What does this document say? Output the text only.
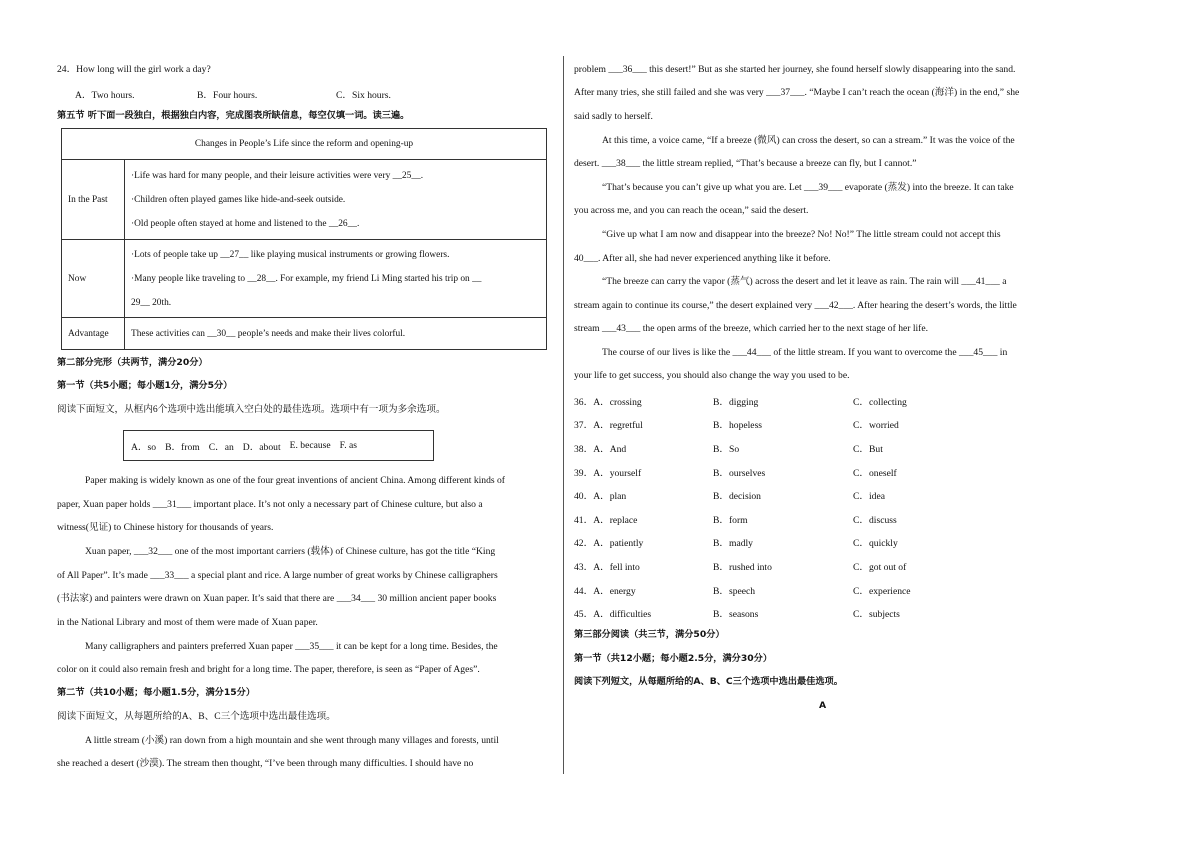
24．How long will the girl work a day?
A．Two hours.	B．Four hours.	C．Six hours.
第五节 听下面一段独白，根据独白内容，完成图表所缺信息，每空仅填一词。读三遍。
Changes in People’s Life since the reform and opening-up	
In the Past	·Life was hard for many people, and their leisure activities were very __25__.
·Children often played games like hide-and-seek outside.
·Old people often stayed at home and listened to the __26__.

Now	·Lots of people take up __27__ like playing musical instruments or growing flowers.
·Many people like traveling to __28__. For example, my friend Li Ming started his trip on __
29__ 20th.

Advantage	These activities can __30__ people’s needs and make their lives colorful.
第二部分完形（共两节，满分20分）
第一节（共5小题；每小题1分，满分5分）
阅读下面短文，从框内6个选项中选出能填入空白处的最佳选项。选项中有一项为多余选项。
A．so B．from C．an D．about E. because F. as
Paper making is widely known as one of the four great inventions of ancient China. Among different kinds of
paper, Xuan paper holds ___31___ important place. It’s not only a necessary part of Chinese culture, but also a
witness(见证) to Chinese history for thousands of years.
Xuan paper, ___32___ one of the most important carriers (载体) of Chinese culture, has got the title “King
of All Paper”. It’s made ___33___ a special plant and rice. A large number of great works by Chinese calligraphers
(书法家) and painters were drawn on Xuan paper. It’s said that there are ___34___ 30 million ancient paper books
in the National Library and most of them were made of Xuan paper.
Many calligraphers and painters preferred Xuan paper ___35___ it can be kept for a long time. Besides, the
color on it could also remain fresh and bright for a long time. The paper, therefore, is seen as “Paper of Ages”.
第二节（共10小题；每小题1.5分，满分15分）
阅读下面短文，从每题所给的A、B、C三个选项中选出最佳选项。
A little stream (小溪) ran down from a high mountain and she went through many villages and forests, until
she reached a desert (沙漠). The stream then thought, “I’ve been through many difficulties. I should have no
problem ___36___ this desert!” But as she started her journey, she found herself slowly disappearing into the sand.
After many tries, she still failed and she was very ___37___. “Maybe I can’t reach the ocean (海洋) in the end,” she
said sadly to herself.
At this time, a voice came, “If a breeze (微风) can cross the desert, so can a stream.” It was the voice of the
desert. ___38___ the little stream replied, “That’s because a breeze can fly, but I cannot.”
“That’s because you can’t give up what you are. Let ___39___ evaporate (蒸发) into the breeze. It can take
you across me, and you can reach the ocean,” said the desert.
“Give up what I am now and disappear into the breeze? No! No!” The little stream could not accept this
40___. After all, she had never experienced anything like it before.
“The breeze can carry the vapor (蒸气) across the desert and let it leave as rain. The rain will ___41___ a
stream again to continue its course,” the desert explained very ___42___. After hearing the desert’s words, the little
stream ___43___ the open arms of the breeze, which carried her to the next stage of her life.
The course of our lives is like the ___44___ of the little stream. If you want to overcome the ___45___ in
your life to get success, you should also change the way you used to be.
36．A．crossing	B．digging	C．collecting
37．A．regretful	B．hopeless	C．worried
38．A．And	B．So	C．But
39．A．yourself	B．ourselves	C．oneself
40．A．plan	B．decision	C．idea
41．A．replace	B．form	C．discuss
42．A．patiently	B．madly	C．quickly
43．A．fell into	B．rushed into	C．got out of
44．A．energy	B．speech	C．experience
45．A．difficulties	B．seasons	C．subjects
第三部分阅读（共三节，满分50分）
第一节（共12小题；每小题2.5分，满分30分）
阅读下列短文，从每题所给的A、B、C三个选项中选出最佳选项。
A
